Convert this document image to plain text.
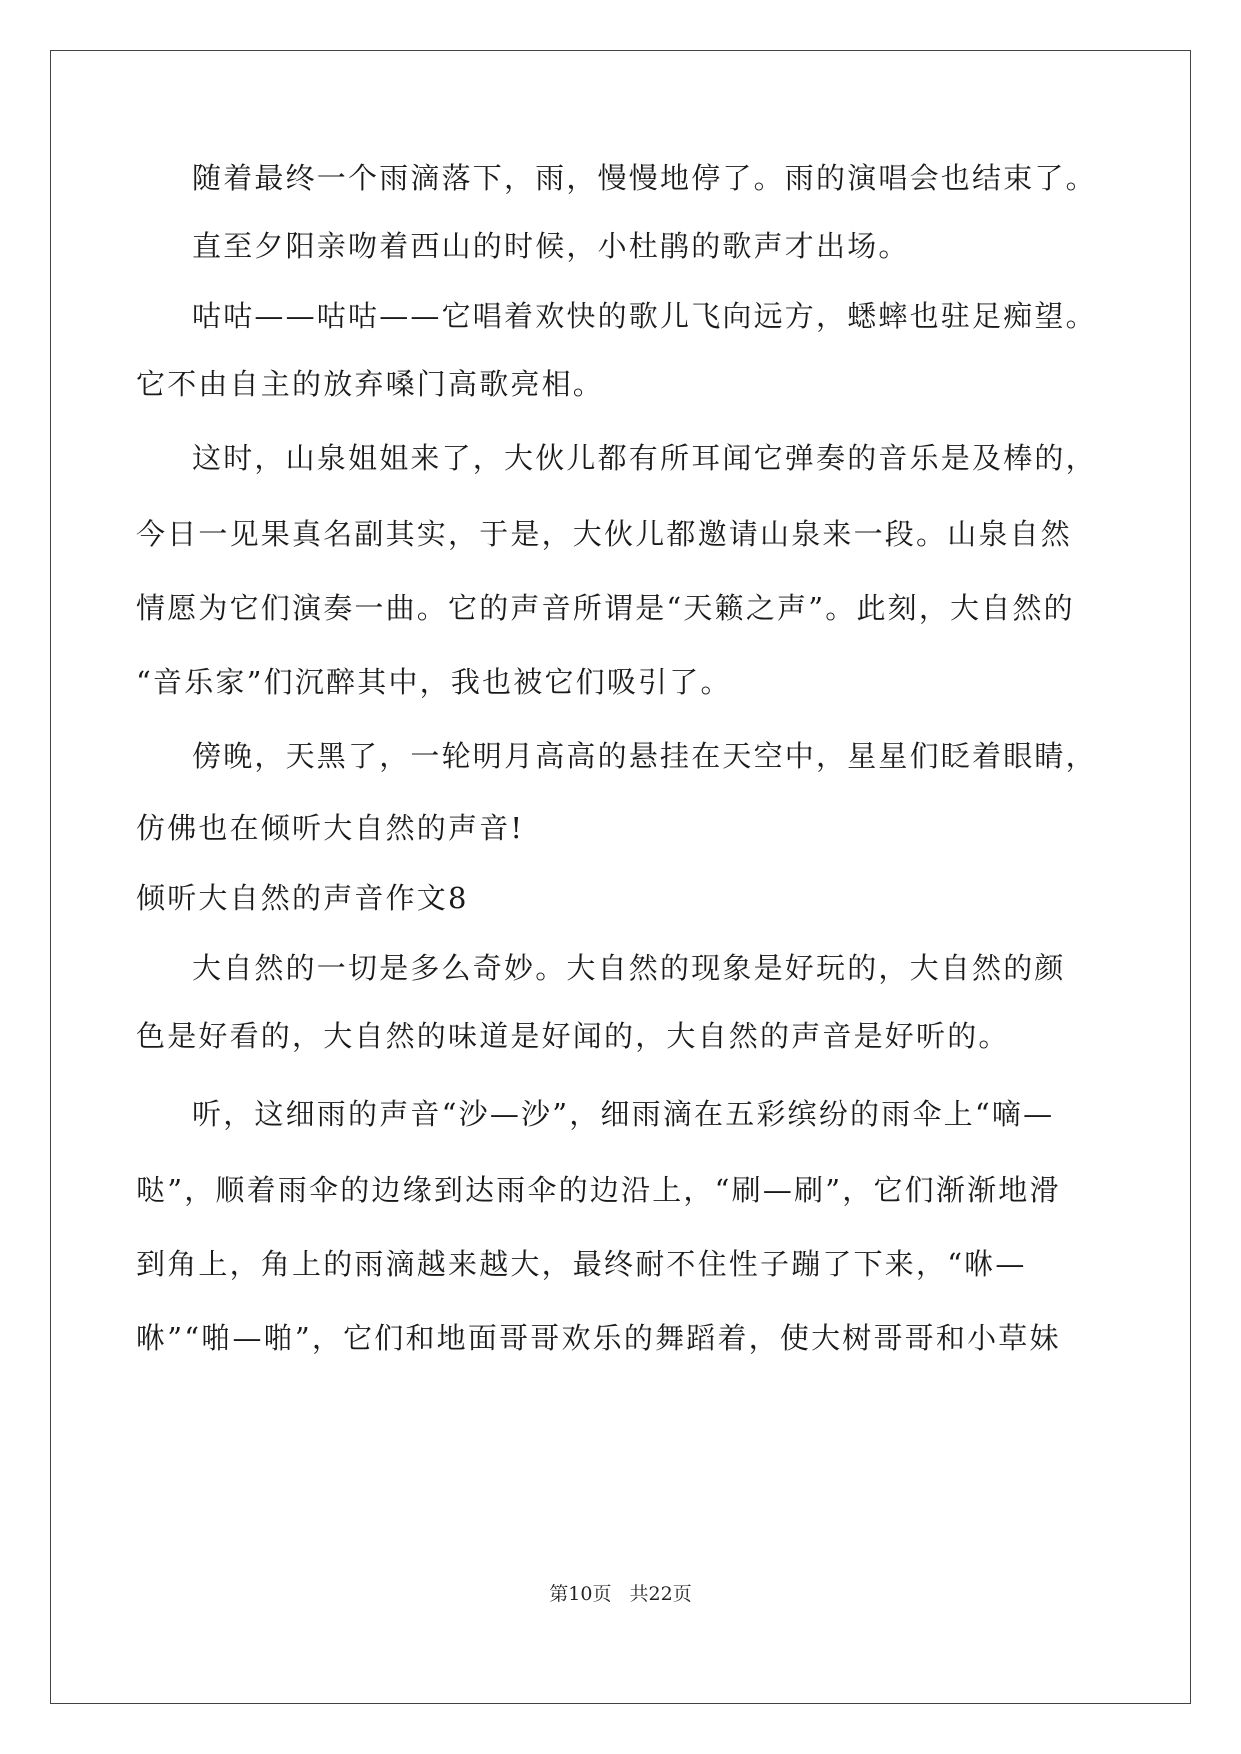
随着最终一个雨滴落下，雨，慢慢地停了。雨的演唱会也结束了。
直至夕阳亲吻着西山的时候，小杜鹃的歌声才出场。
咕咕——咕咕——它唱着欢快的歌儿飞向远方，蟋蟀也驻足痴望。
它不由自主的放弃嗓门高歌亮相。
这时，山泉姐姐来了，大伙儿都有所耳闻它弹奏的音乐是及棒的，
今日一见果真名副其实，于是，大伙儿都邀请山泉来一段。山泉自然
情愿为它们演奏一曲。它的声音所谓是“天籁之声”。此刻，大自然的
“音乐家”们沉醉其中，我也被它们吸引了。
傍晚，天黑了，一轮明月高高的悬挂在天空中，星星们眨着眼睛，
仿佛也在倾听大自然的声音!
倾听大自然的声音作文8
大自然的一切是多么奇妙。大自然的现象是好玩的，大自然的颜
色是好看的，大自然的味道是好闻的，大自然的声音是好听的。
听，这细雨的声音“沙—沙”，细雨滴在五彩缤纷的雨伞上“嘀—
哒”，顺着雨伞的边缘到达雨伞的边沿上，“刷—刷”，它们渐渐地滑
到角上，角上的雨滴越来越大，最终耐不住性子蹦了下来，“咻—
咻”“啪—啪”，它们和地面哥哥欢乐的舞蹈着，使大树哥哥和小草妹
第10页 共22页
